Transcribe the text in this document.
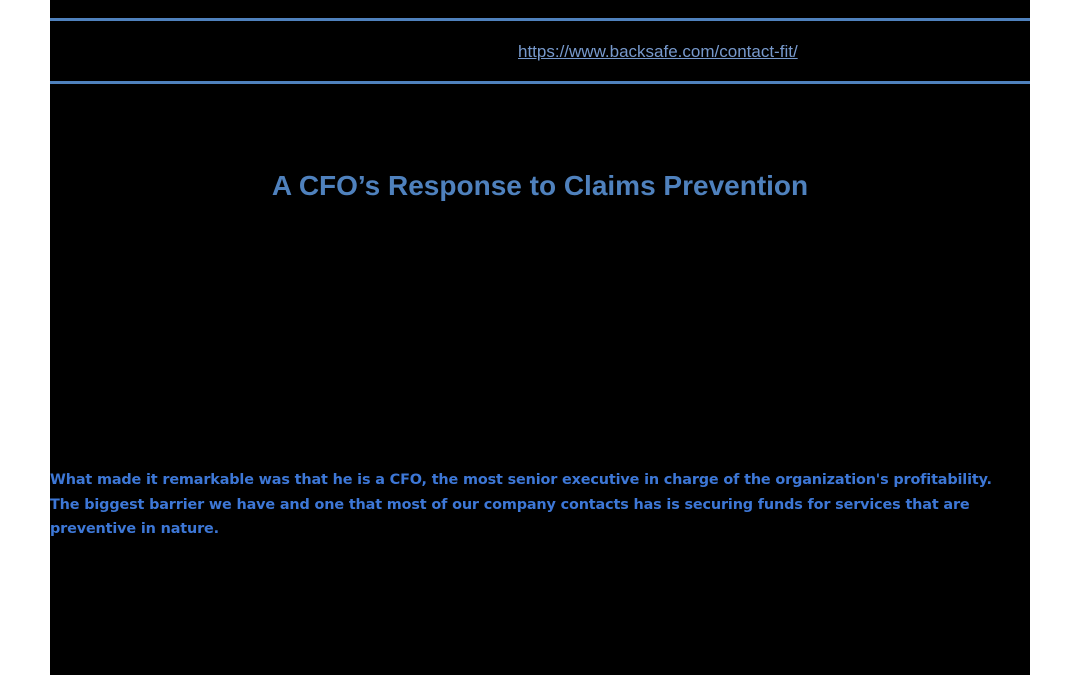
https://www.backsafe.com/contact-fit/
A CFO’s Response to Claims Prevention

What made it remarkable was that he is a CFO, the most senior executive in charge of the organization's profitability. The biggest barrier we have and one that most of our company contacts has is securing funds for services that are preventive in nature.
